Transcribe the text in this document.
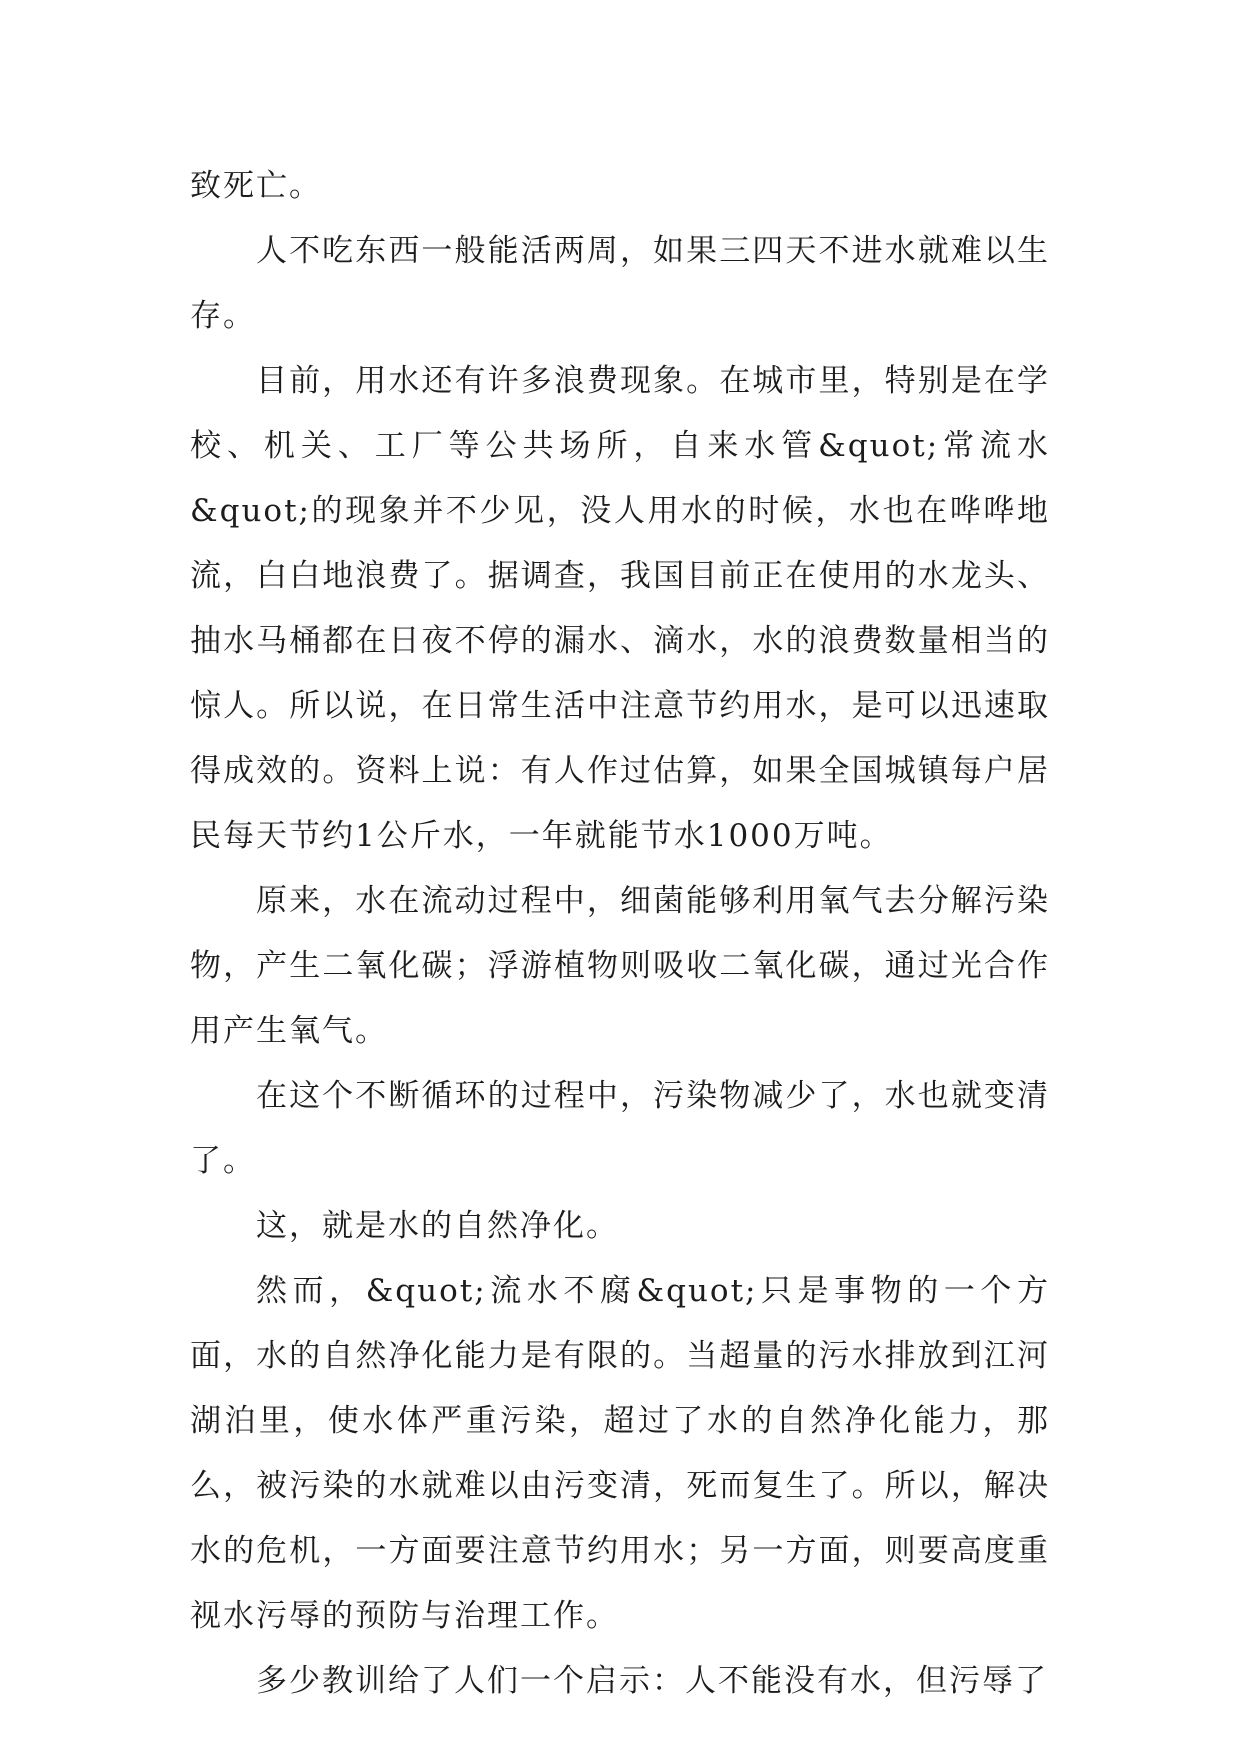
致死亡。

人不吃东西一般能活两周，如果三四天不进水就难以生存。

目前，用水还有许多浪费现象。在城市里，特别是在学校、机关、工厂等公共场所，自来水管&quot;常流水&quot;的现象并不少见，没人用水的时候，水也在哗哗地流，白白地浪费了。据调查，我国目前正在使用的水龙头、抽水马桶都在日夜不停的漏水、滴水，水的浪费数量相当的惊人。所以说，在日常生活中注意节约用水，是可以迅速取得成效的。资料上说：有人作过估算，如果全国城镇每户居民每天节约1公斤水，一年就能节水1000万吨。

原来，水在流动过程中，细菌能够利用氧气去分解污染物，产生二氧化碳；浮游植物则吸收二氧化碳，通过光合作用产生氧气。

在这个不断循环的过程中，污染物减少了，水也就变清了。

这，就是水的自然净化。

然而，&quot;流水不腐&quot;只是事物的一个方面，水的自然净化能力是有限的。当超量的污水排放到江河湖泊里，使水体严重污染，超过了水的自然净化能力，那么，被污染的水就难以由污变清，死而复生了。所以，解决水的危机，一方面要注意节约用水；另一方面，则要高度重视水污辱的预防与治理工作。

多少教训给了人们一个启示：人不能没有水，但污辱了
